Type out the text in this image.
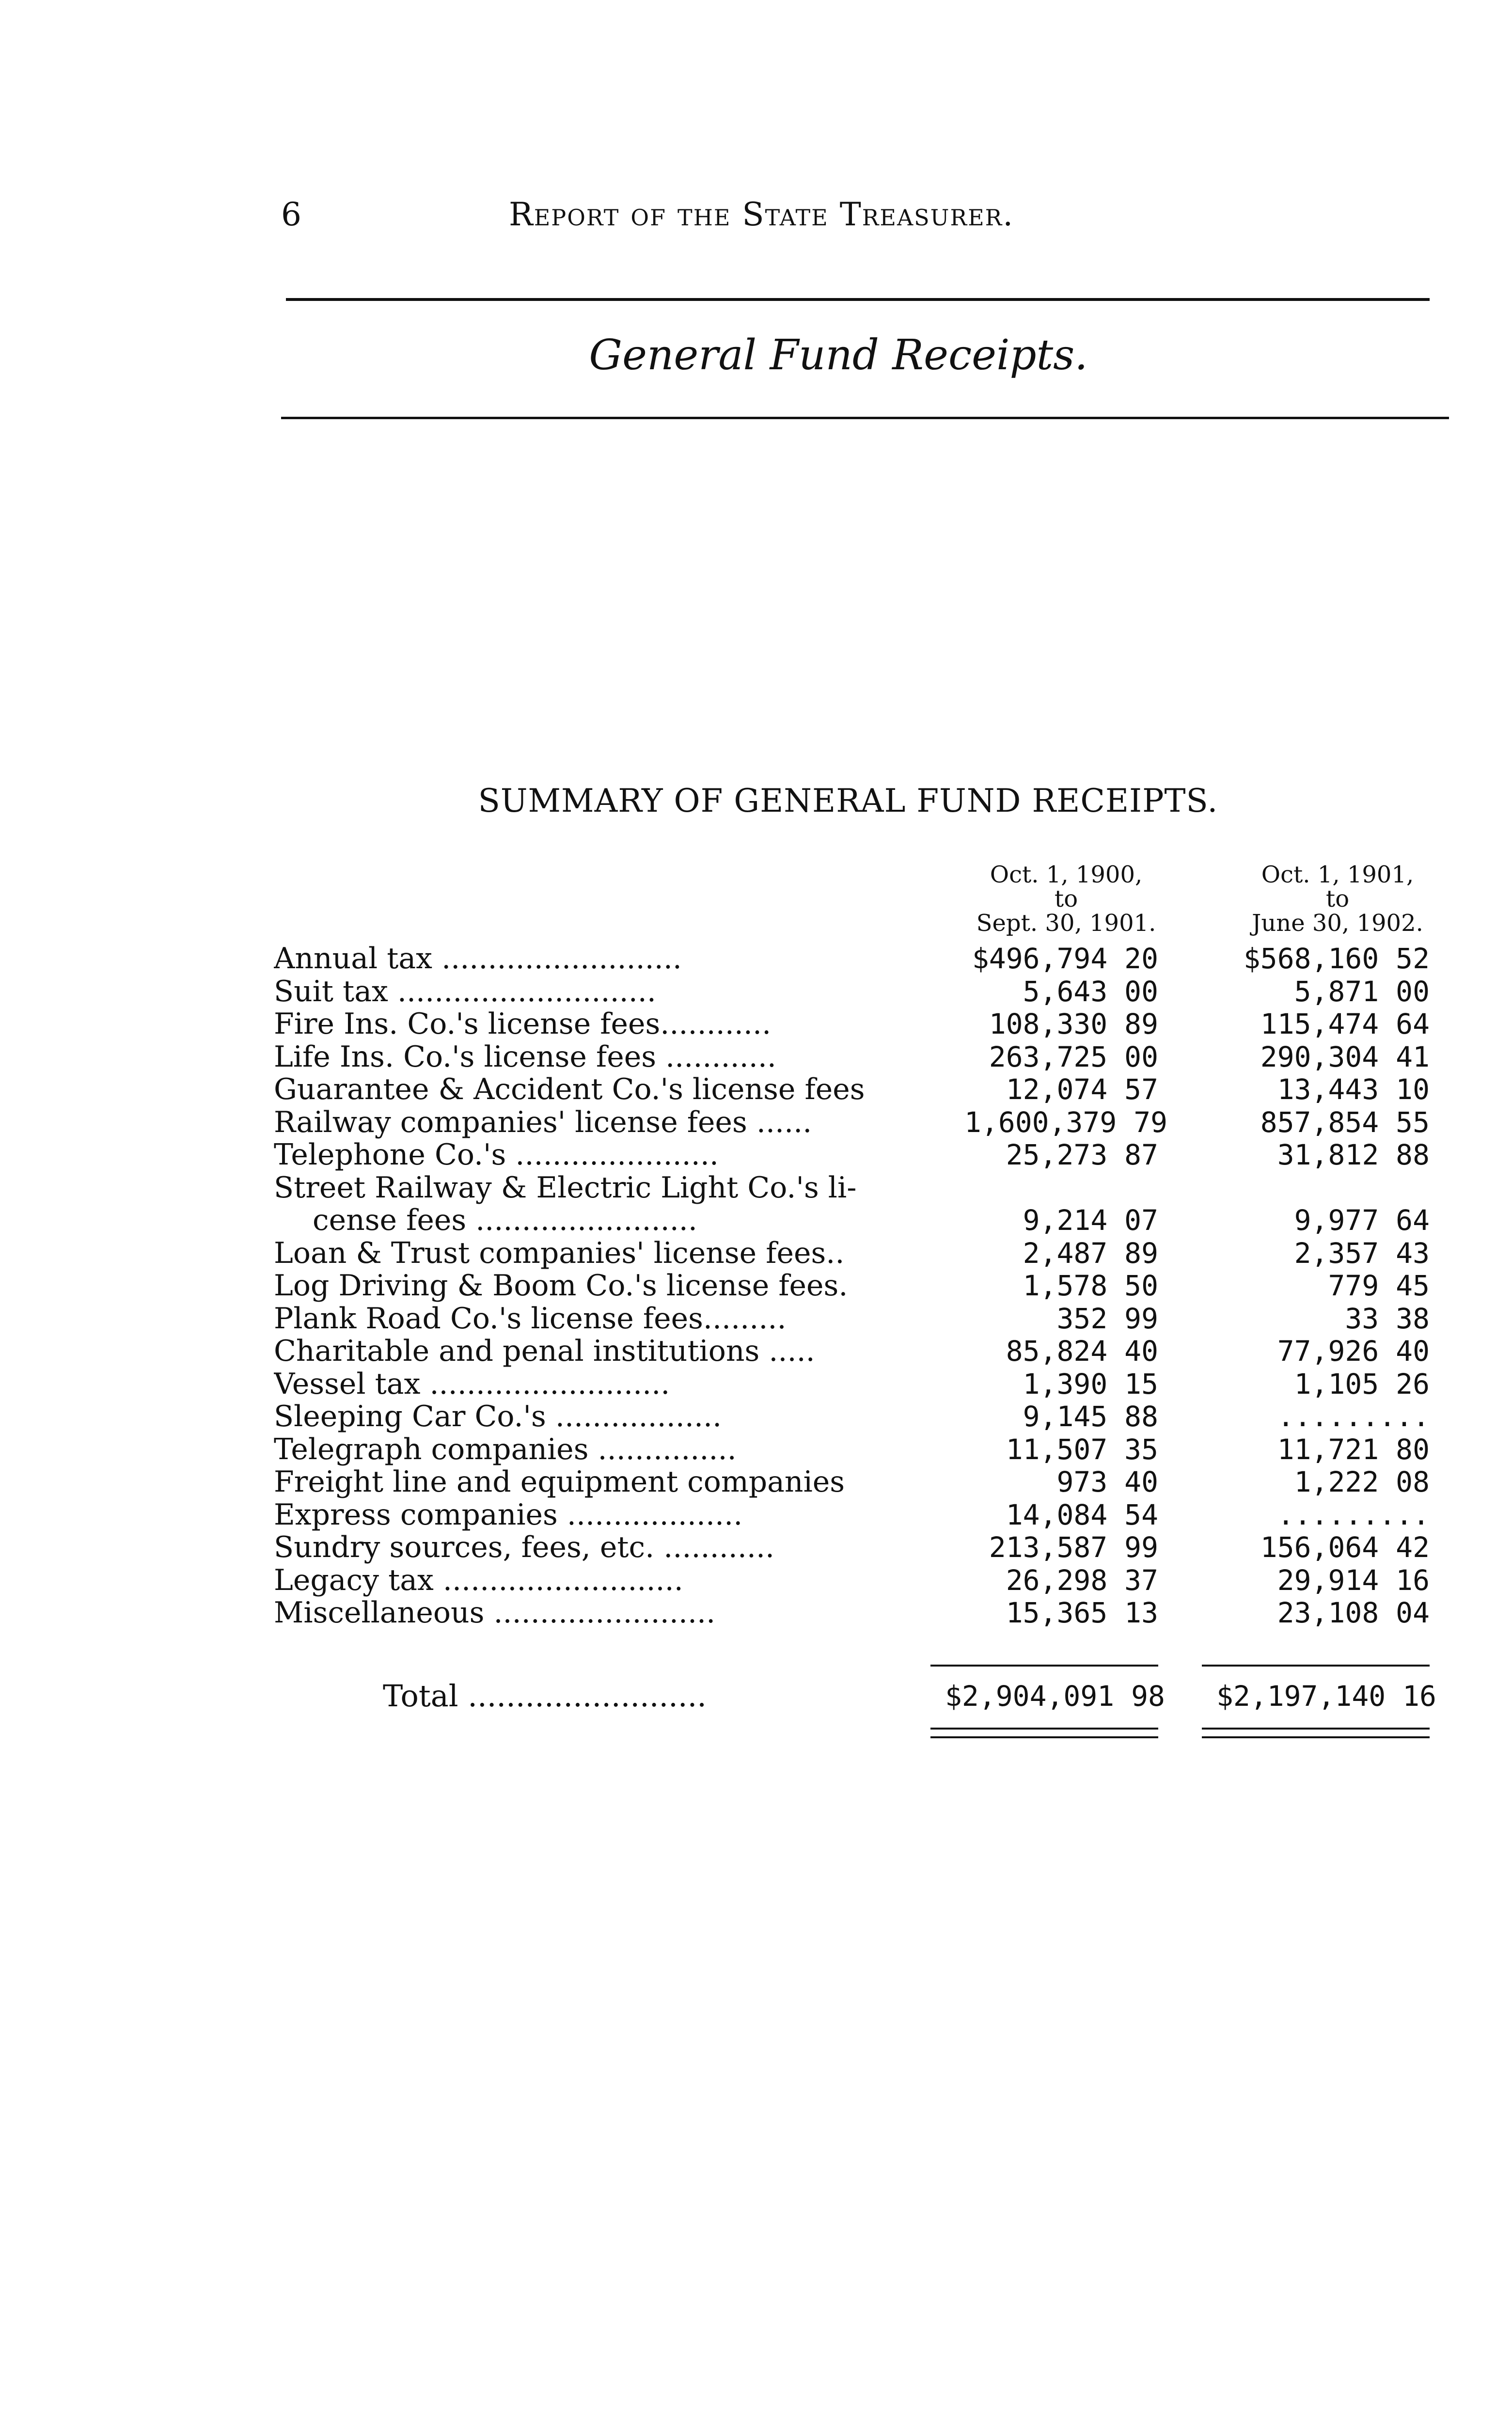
6	Report of the State Treasurer.
General Fund Receipts.
SUMMARY OF GENERAL FUND RECEIPTS.
Oct. 1, 1900,
to
Sept. 30, 1901.
Oct. 1, 1901,
to
June 30, 1902.
Annual tax ..........................	$496,794 20	$568,160 52
Suit tax ............................	5,643 00	5,871 00
Fire Ins. Co.'s license fees............	108,330 89	115,474 64
Life Ins. Co.'s license fees ............	263,725 00	290,304 41
Guarantee & Accident Co.'s license fees	12,074 57	13,443 10
Railway companies' license fees ......	1,600,379 79	857,854 55
Telephone Co.'s ......................	25,273 87	31,812 88
Street Railway & Electric Light Co.'s li-
cense fees ........................	9,214 07	9,977 64
Loan & Trust companies' license fees..	2,487 89	2,357 43
Log Driving & Boom Co.'s license fees.	1,578 50	779 45
Plank Road Co.'s license fees.........	352 99	33 38
Charitable and penal institutions .....	85,824 40	77,926 40
Vessel tax ..........................	1,390 15	1,105 26
Sleeping Car Co.'s ..................	9,145 88	.........
Telegraph companies ...............	11,507 35	11,721 80
Freight line and equipment companies	973 40	1,222 08
Express companies ...................	14,084 54	.........
Sundry sources, fees, etc. ............	213,587 99	156,064 42
Legacy tax ..........................	26,298 37	29,914 16
Miscellaneous ........................	15,365 13	23,108 04
Total .........................	$2,904,091 98 $2,197,140 16
